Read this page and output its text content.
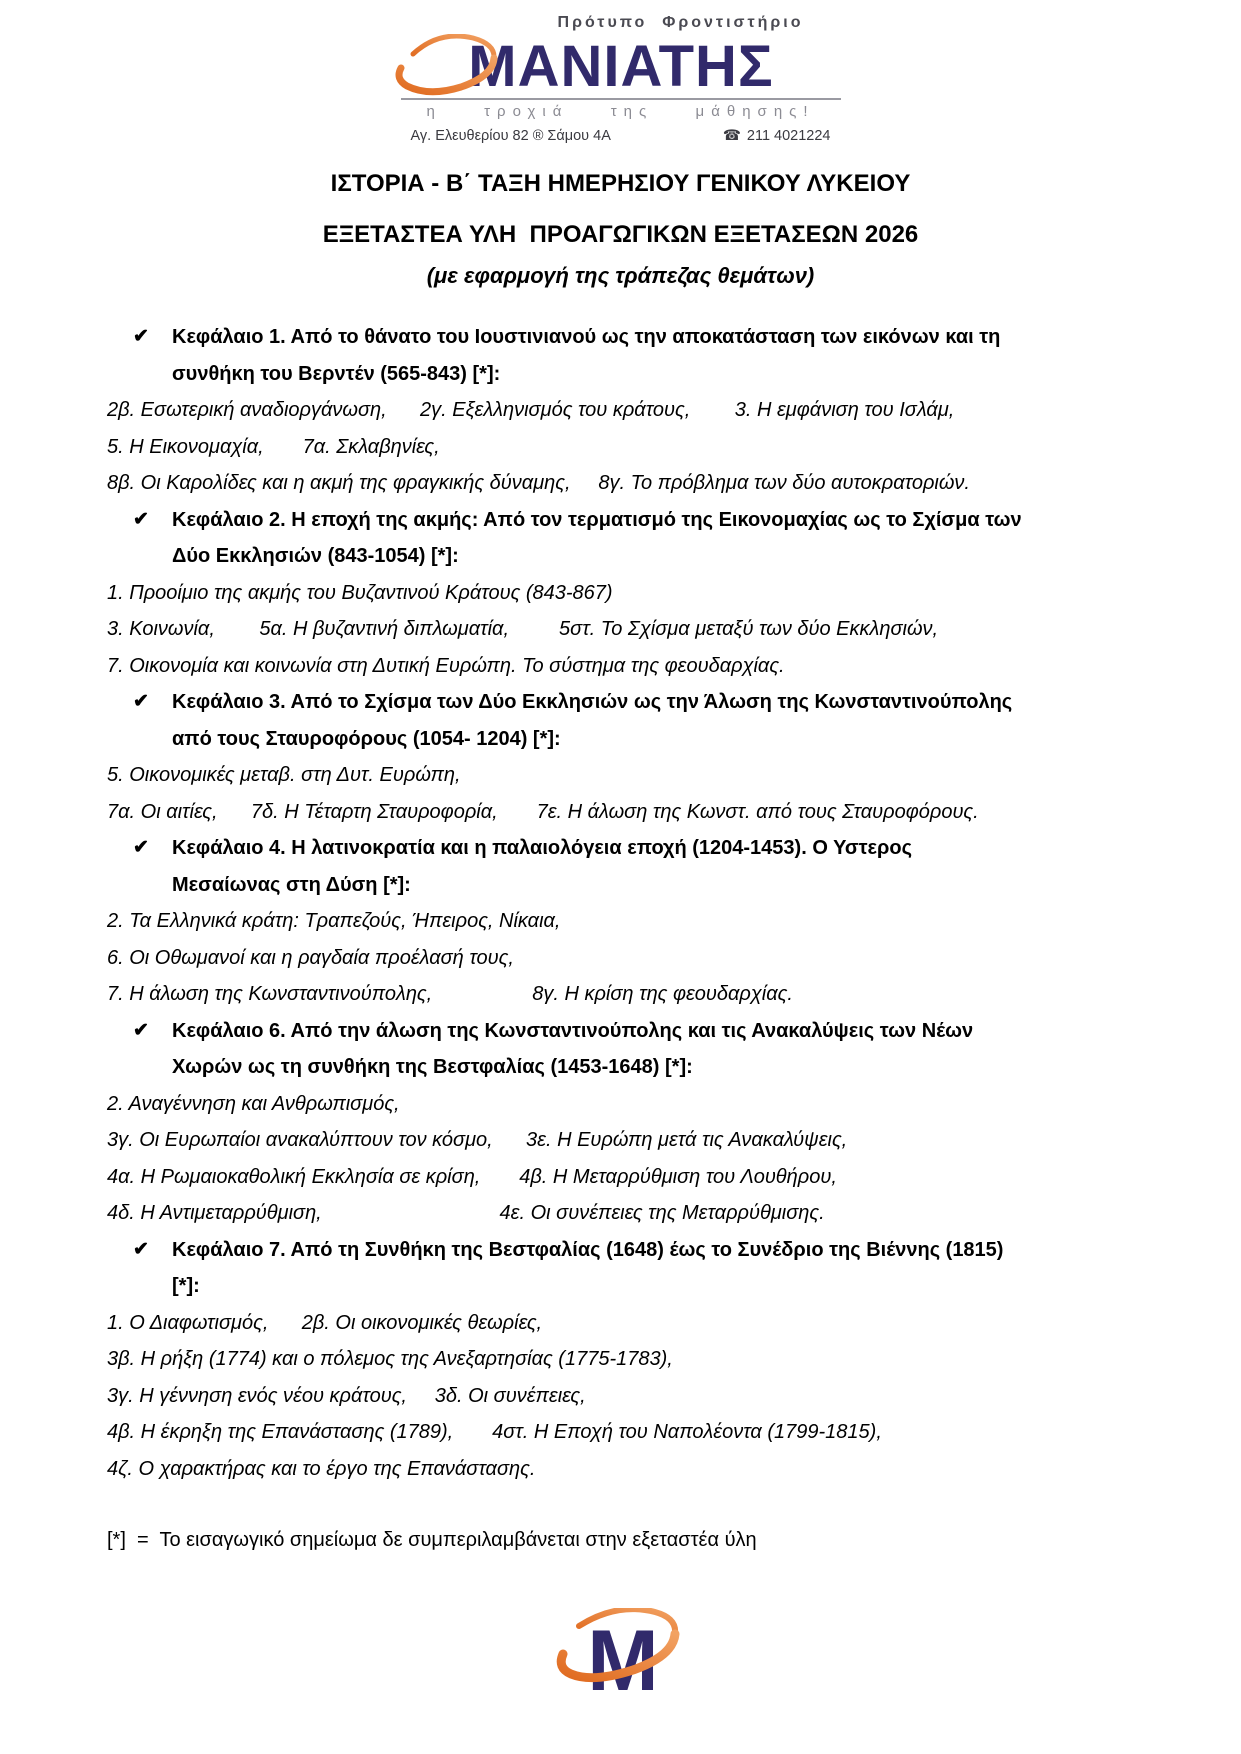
Πρότυπο  Φροντιστήριο
ΜΑΝΙΑΤΗΣ
η  τροχιά  της  μάθησης!
Αγ. Ελευθερίου 82 ® Σάμου 4Α	☎ 211 4021224
ΙΣΤΟΡΙΑ - Β΄ ΤΑΞΗ ΗΜΕΡΗΣΙΟΥ ΓΕΝΙΚΟΥ ΛΥΚΕΙΟΥ
ΕΞΕΤΑΣΤΕΑ ΥΛΗ  ΠΡΟΑΓΩΓΙΚΩΝ ΕΞΕΤΑΣΕΩΝ 2026
(με εφαρμογή της τράπεζας θεμάτων)
✔	Κεφάλαιο 1. Από το θάνατο του Ιουστινιανού ως την αποκατάσταση των εικόνων και τη
συνθήκη του Βερντέν (565-843) [*]:
2β. Εσωτερική αναδιοργάνωση,      2γ. Εξελληνισμός του κράτους,        3. Η εμφάνιση του Ισλάμ,
5. Η Εικονομαχία,       7α. Σκλαβηνίες,
8β. Οι Καρολίδες και η ακμή της φραγκικής δύναμης,     8γ. Το πρόβλημα των δύο αυτοκρατοριών.
✔	Κεφάλαιο 2. Η εποχή της ακμής: Από τον τερματισμό της Εικονομαχίας ως το Σχίσμα των
Δύο Εκκλησιών (843-1054) [*]:
1. Προοίμιο της ακμής του Βυζαντινού Κράτους (843-867)
3. Κοινωνία,        5α. Η βυζαντινή διπλωματία,         5στ. Το Σχίσμα μεταξύ των δύο Εκκλησιών,
7. Οικονομία και κοινωνία στη Δυτική Ευρώπη. Το σύστημα της φεουδαρχίας.
✔	Κεφάλαιο 3. Από το Σχίσμα των Δύο Εκκλησιών ως την Άλωση της Κωνσταντινούπολης
από τους Σταυροφόρους (1054- 1204) [*]:
5. Οικονομικές μεταβ. στη Δυτ. Ευρώπη,
7α. Οι αιτίες,      7δ. Η Τέταρτη Σταυροφορία,       7ε. Η άλωση της Κωνστ. από τους Σταυροφόρους.
✔	Κεφάλαιο 4. Η λατινοκρατία και η παλαιολόγεια εποχή (1204-1453). Ο Υστερος
Μεσαίωνας στη Δύση [*]:
2. Τα Ελληνικά κράτη: Τραπεζούς, Ήπειρος, Νίκαια,
6. Οι Οθωμανοί και η ραγδαία προέλασή τους,
7. Η άλωση της Κωνσταντινούπολης,                  8γ. Η κρίση της φεουδαρχίας.
✔	Κεφάλαιο 6. Από την άλωση της Κωνσταντινούπολης και τις Ανακαλύψεις των Νέων
Χωρών ως τη συνθήκη της Βεστφαλίας (1453-1648) [*]:
2. Αναγέννηση και Ανθρωπισμός,
3γ. Οι Ευρωπαίοι ανακαλύπτουν τον κόσμο,      3ε. Η Ευρώπη μετά τις Ανακαλύψεις,
4α. Η Ρωμαιοκαθολική Εκκλησία σε κρίση,       4β. Η Μεταρρύθμιση του Λουθήρου,
4δ. Η Αντιμεταρρύθμιση,                                4ε. Οι συνέπειες της Μεταρρύθμισης.
✔	Κεφάλαιο 7. Από τη Συνθήκη της Βεστφαλίας (1648) έως το Συνέδριο της Βιέννης (1815)
[*]:
1. Ο Διαφωτισμός,      2β. Οι οικονομικές θεωρίες,
3β. Η ρήξη (1774) και ο πόλεμος της Ανεξαρτησίας (1775-1783),
3γ. Η γέννηση ενός νέου κράτους,     3δ. Οι συνέπειες,
4β. Η έκρηξη της Επανάστασης (1789),       4στ. Η Εποχή του Ναπολέοντα (1799-1815),
4ζ. Ο χαρακτήρας και το έργο της Επανάστασης.
[*]  =  Το εισαγωγικό σημείωμα δε συμπεριλαμβάνεται στην εξεταστέα ύλη
M
